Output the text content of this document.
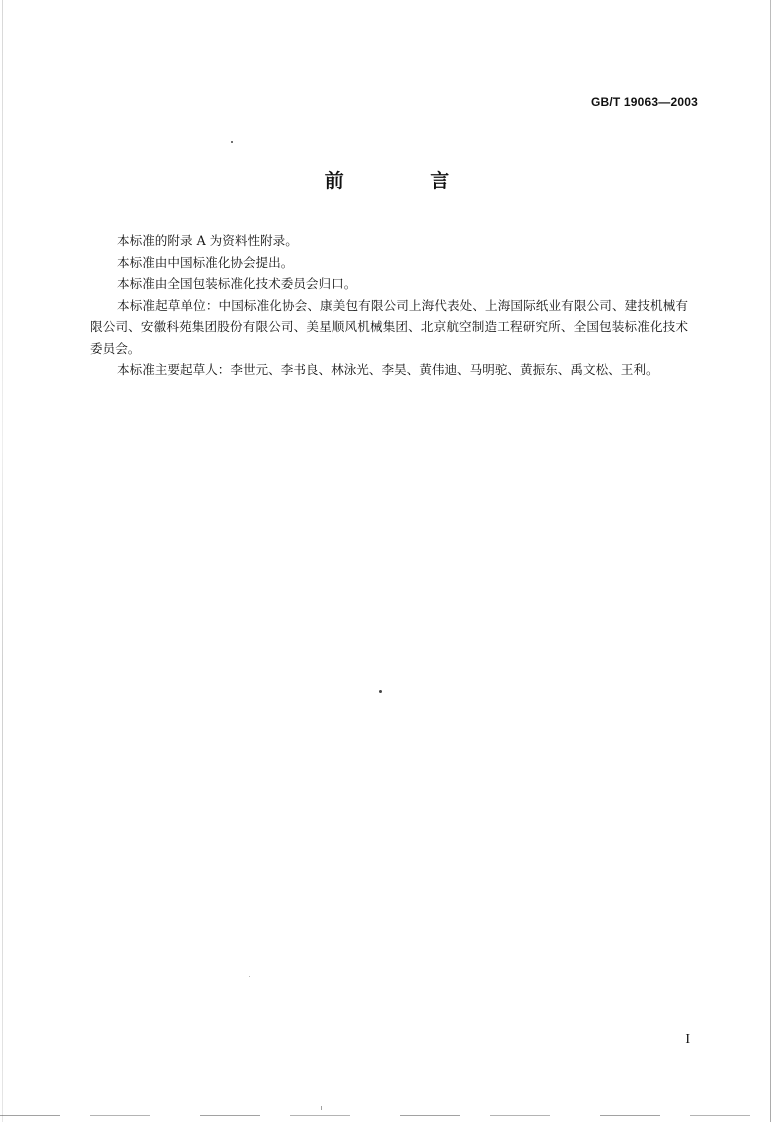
GB/T 19063—2003
前 言

本标准的附录 A 为资料性附录。

本标准由中国标准化协会提出。

本标准由全国包装标准化技术委员会归口。

本标准起草单位：中国标准化协会、康美包有限公司上海代表处、上海国际纸业有限公司、建技机械有限公司、安徽科苑集团股份有限公司、美星顺风机械集团、北京航空制造工程研究所、全国包装标准化技术委员会。

本标准主要起草人：李世元、李书良、林泳光、李昊、黄伟迪、马明驼、黄振东、禹文松、王利。

I
